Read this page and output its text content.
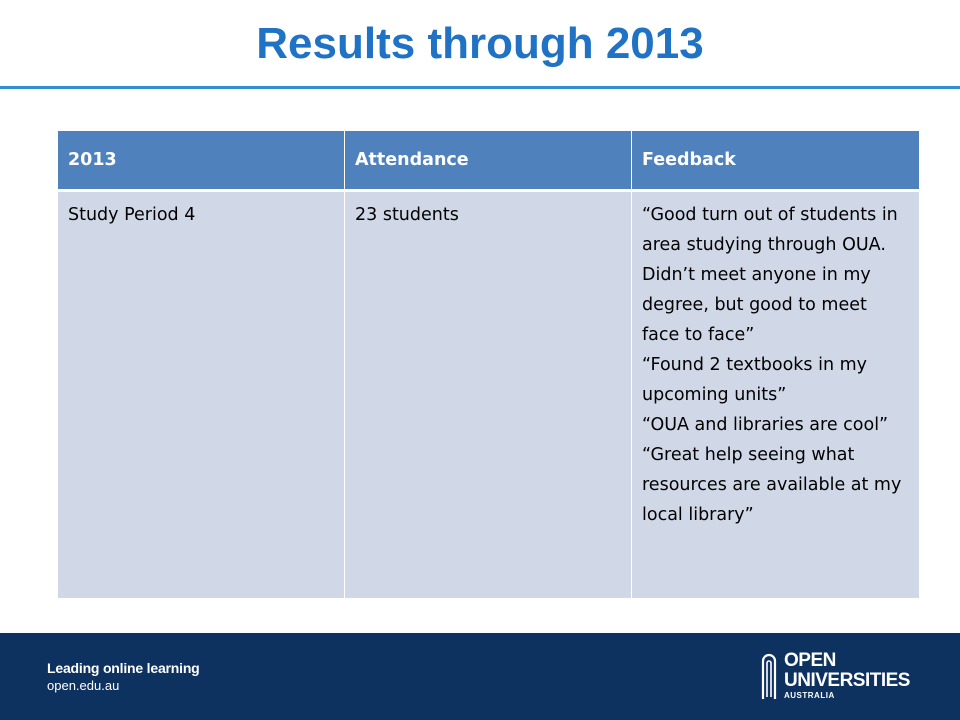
Results through 2013
2013	Attendance	Feedback
Study Period 4	23 students	“Good turn out of students in area studying through OUA. Didn’t meet anyone in my degree, but good to meet face to face”
“Found 2 textbooks in my upcoming units”
“OUA and libraries are cool”
“Great help seeing what resources are available at my local library”
Leading online learning
open.edu.au
OPEN
UNIVERSITIES
AUSTRALIA
